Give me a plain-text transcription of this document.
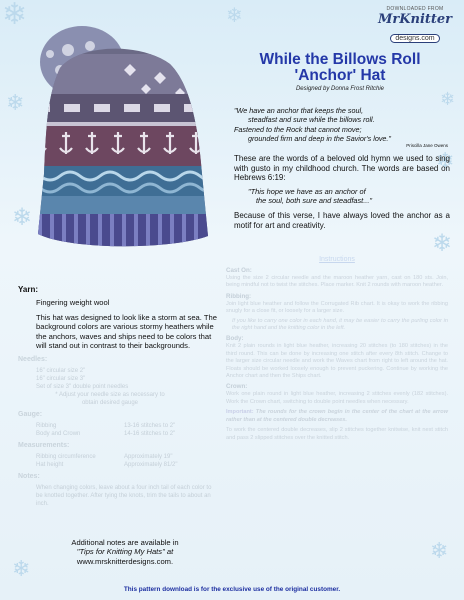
❄
❄
❄
❄
❄
❄
❄
❄
❄
DOWNLOADED FROM
MrKnitter
designs.com
While the Billows Roll
'Anchor' Hat
Designed by Donna Frost Ritchie
"We have an anchor that keeps the soul,
steadfast and sure while the billows roll.
Fastened to the Rock that cannot move;
grounded firm and deep in the Savior's love."
Priscilla Jane Owens
These are the words of a beloved old hymn we used to sing with gusto in my childhood church. The words are based on Hebrews 6:19:
"This hope we have as an anchor of
the soul, both sure and steadfast..."
Because of this verse, I have always loved the anchor as a motif for art and creativity.
Yarn:
Fingering weight wool
This hat was designed to look like a storm at sea. The background colors are various stormy heathers while the anchors, waves and ships need to be colors that will stand out in contrast to their backgrounds.
Needles:
16" circular size 2"
16" circular size 3"
Set of size 3" double point needles
* Adjust your needle size as necessary to obtain desired gauge
Gauge:
Ribbing	13-16 stitches to 2"
Body and Crown	14-16 stitches to 2"
Measurements:
Ribbing circumference	Approximately 19"
Hat height	Approximately 81/2"
Notes:
When changing colors, leave about a four inch tail of each color to be knotted together. After tying the knots, trim the tails to about an inch.
Additional notes are available in
"Tips for Knitting My Hats" at
www.mrsknitterdesigns.com.
Instructions
Cast On:
Using the size 2 circular needle and the maroon heather yarn, cast on 180 sts. Join, being mindful not to twist the stitches. Place marker. Knit 2 rounds with maroon heather.
Ribbing:
Join light blue heather and follow the Corrugated Rib chart. It is okay to work the ribbing snugly for a close fit, or loosely for a larger size.
If you like to carry one color in each hand, it may be easier to carry the purling color in the right hand and the knitting color in the left.
Body:
Knit 2 plain rounds in light blue heather, increasing 20 stitches (to 180 stitches) in the third round. This can be done by increasing one stitch after every 8th stitch. Change to the larger size circular needle and work the Waves chart from right to left around the hat. Floats should be worked loosely enough to prevent puckering. Continue by working the Anchor chart and then the Ships chart.
Crown:
Work one plain round in light blue heather, increasing 2 stitches evenly (182 stitches). Work the Crown chart, switching to double point needles when necessary.
Important: The rounds for the crown begin in the center of the chart at the arrow rather than at the centered double decreases.
To work the centered double decreases, slip 2 stitches together knitwise, knit next stitch and pass 2 slipped stitches over the knitted stitch.
This pattern download is for the exclusive use of the original customer.
